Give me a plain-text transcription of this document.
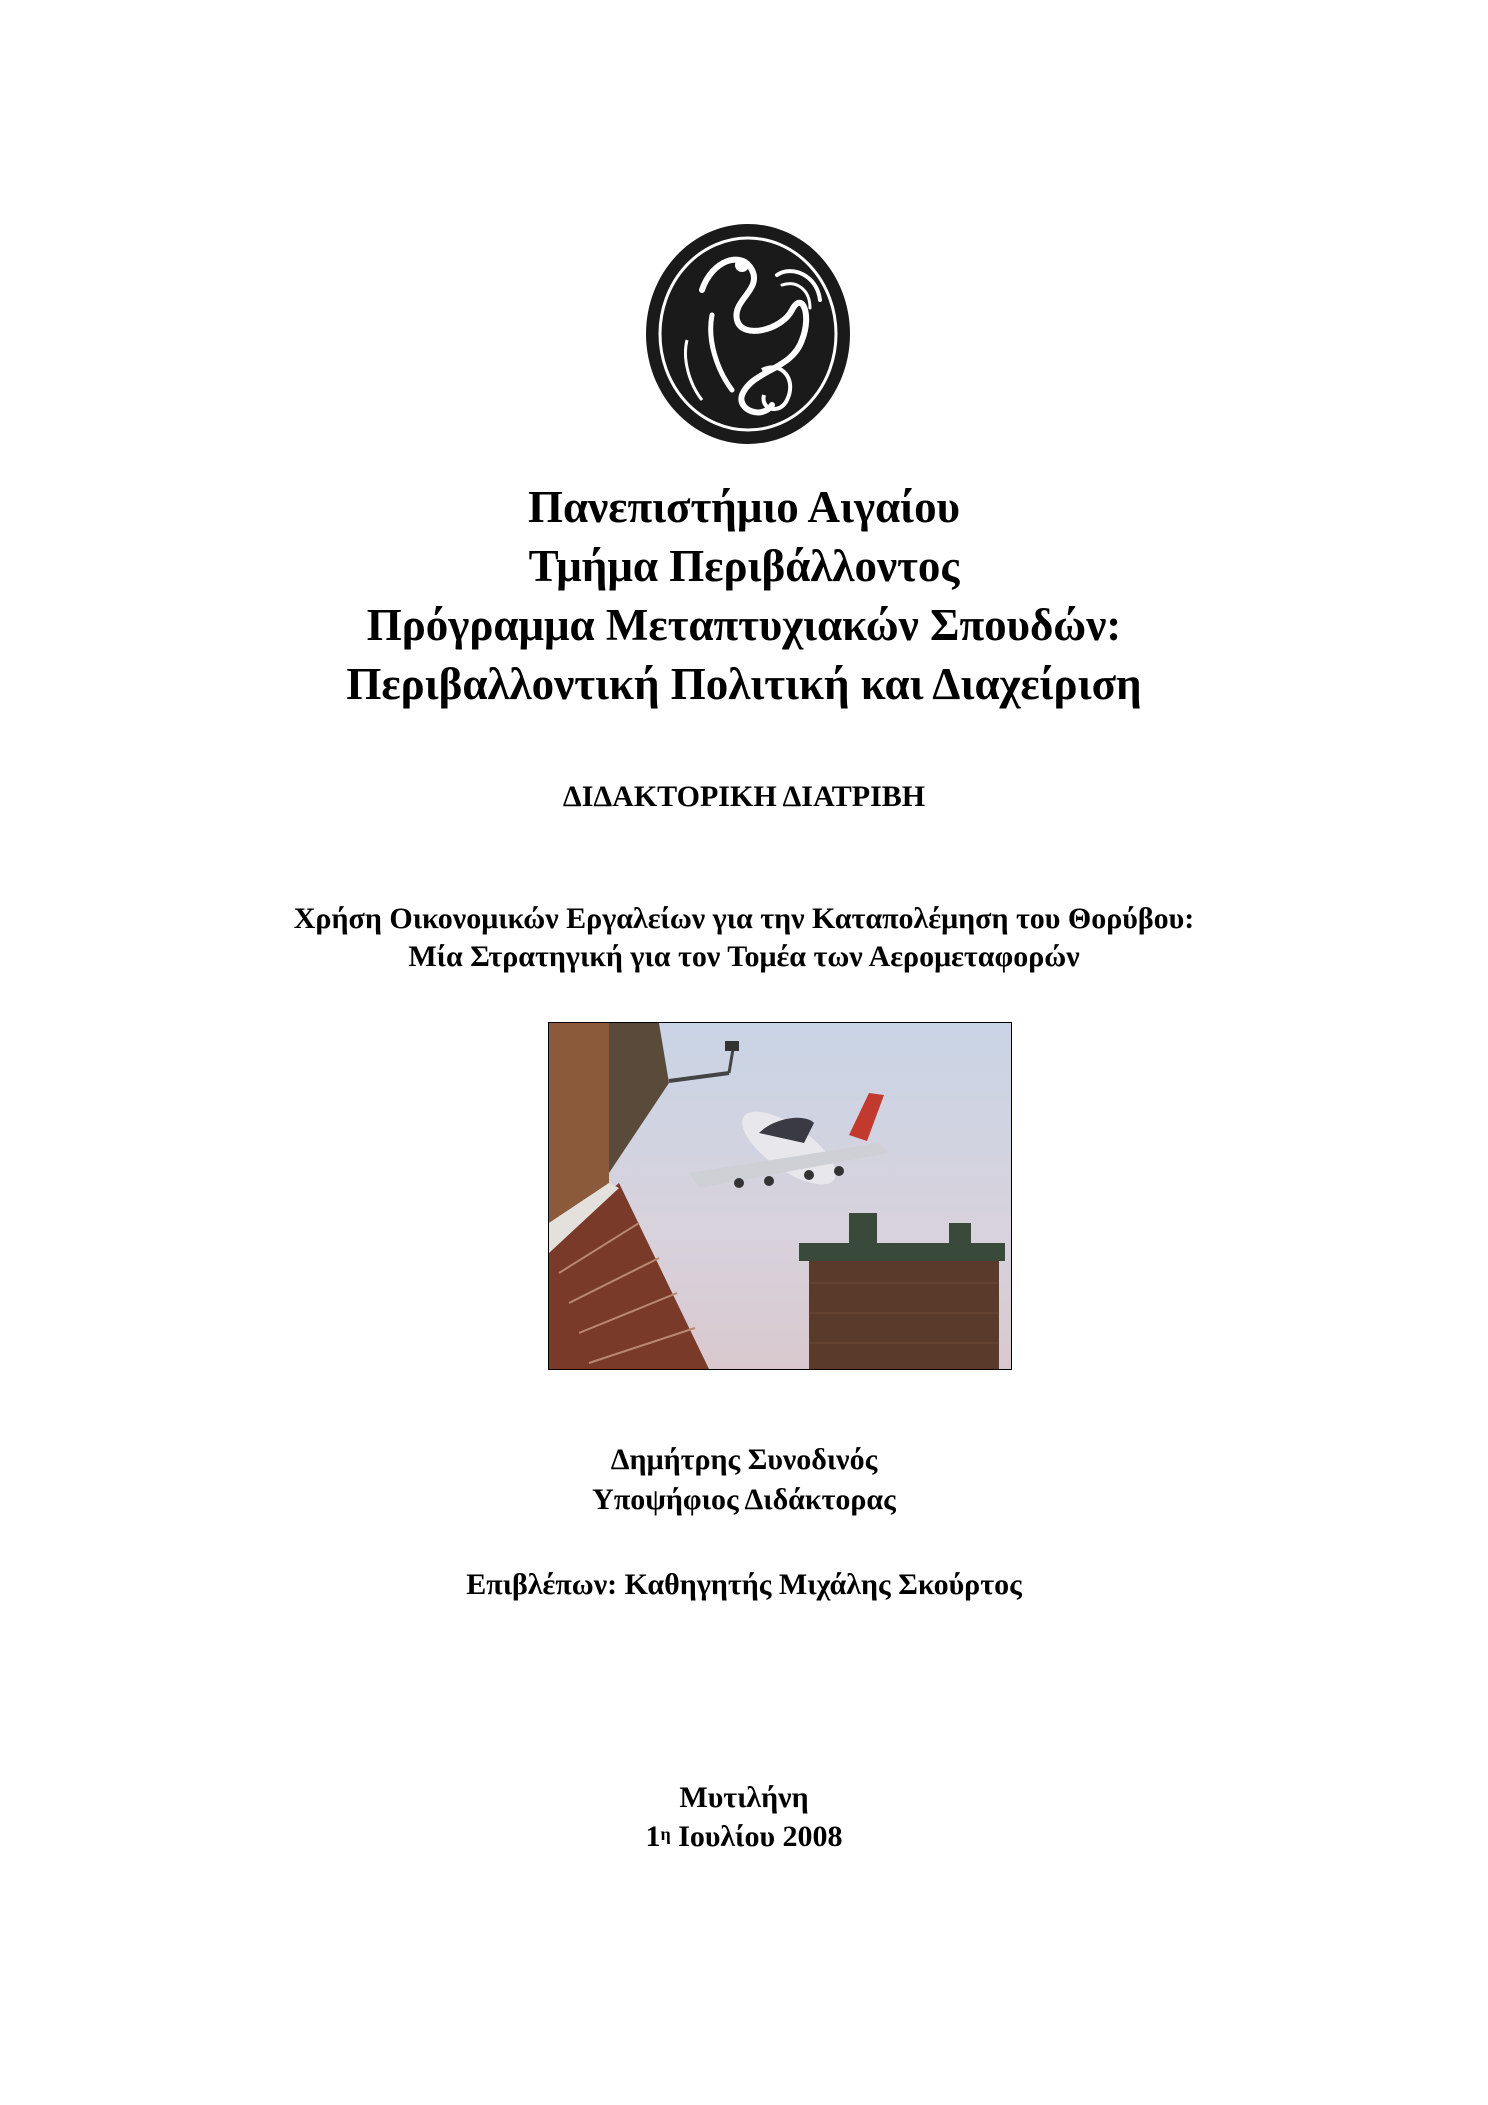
Πανεπιστήμιο Αιγαίου
Τμήμα Περιβάλλοντος
Πρόγραμμα Μεταπτυχιακών Σπουδών:
Περιβαλλοντική Πολιτική και Διαχείριση
ΔΙΔΑΚΤΟΡΙΚΗ ΔΙΑΤΡΙΒΗ
Χρήση Οικονομικών Εργαλείων για την Καταπολέμηση του Θορύβου:
Μία Στρατηγική για τον Τομέα των Αερομεταφορών
Δημήτρης Συνοδινός
Υποψήφιος Διδάκτορας
Επιβλέπων: Καθηγητής Μιχάλης Σκούρτος
Μυτιλήνη
$1^\eta$ Ιουλίου 2008
